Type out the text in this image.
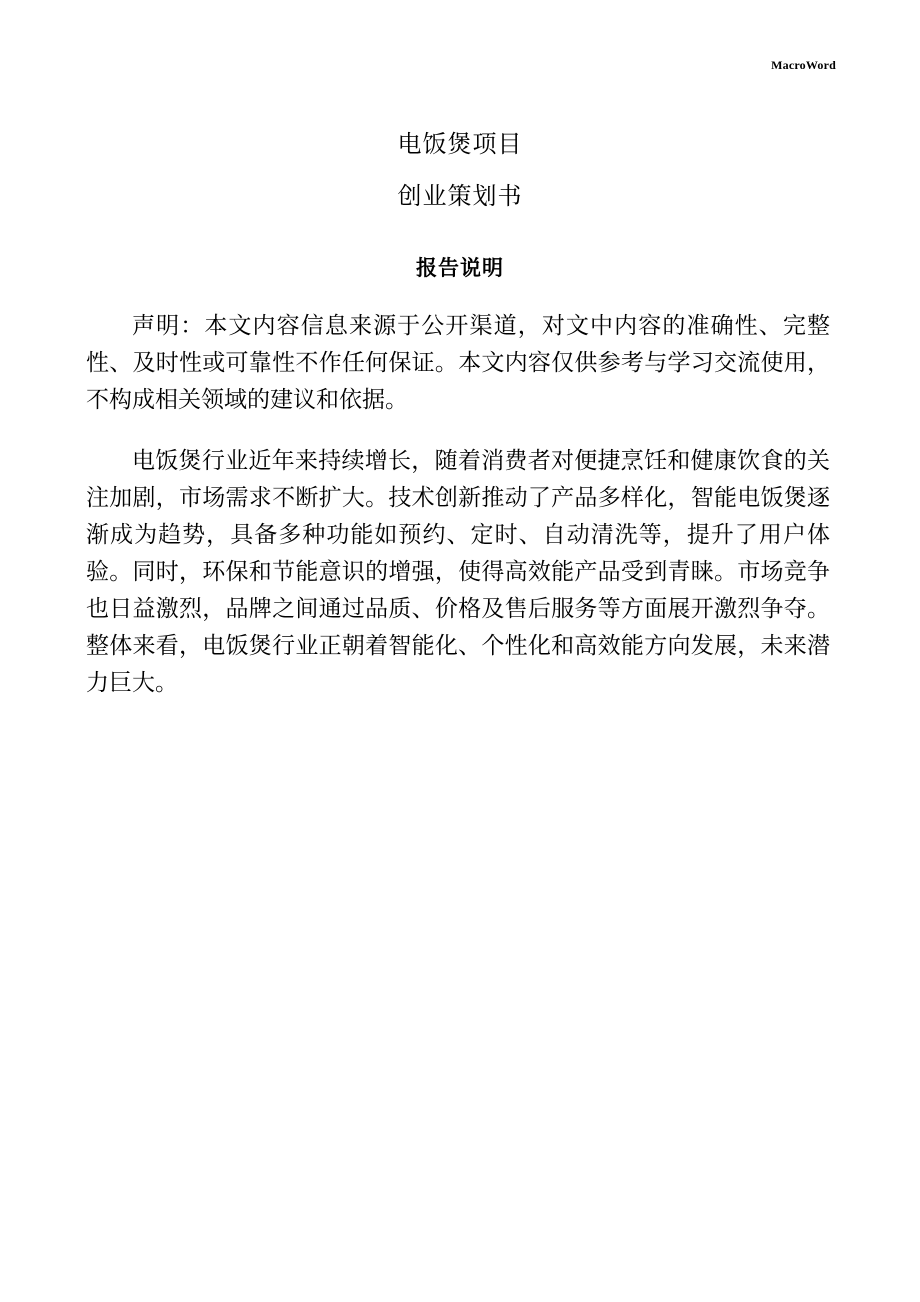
MacroWord
电饭煲项目
创业策划书
报告说明

声明：本文内容信息来源于公开渠道，对文中内容的准确性、完整性、及时性或可靠性不作任何保证。本文内容仅供参考与学习交流使用，不构成相关领域的建议和依据。

电饭煲行业近年来持续增长，随着消费者对便捷烹饪和健康饮食的关注加剧，市场需求不断扩大。技术创新推动了产品多样化，智能电饭煲逐渐成为趋势，具备多种功能如预约、定时、自动清洗等，提升了用户体验。同时，环保和节能意识的增强，使得高效能产品受到青睐。市场竞争也日益激烈，品牌之间通过品质、价格及售后服务等方面展开激烈争夺。整体来看，电饭煲行业正朝着智能化、个性化和高效能方向发展，未来潜力巨大。
